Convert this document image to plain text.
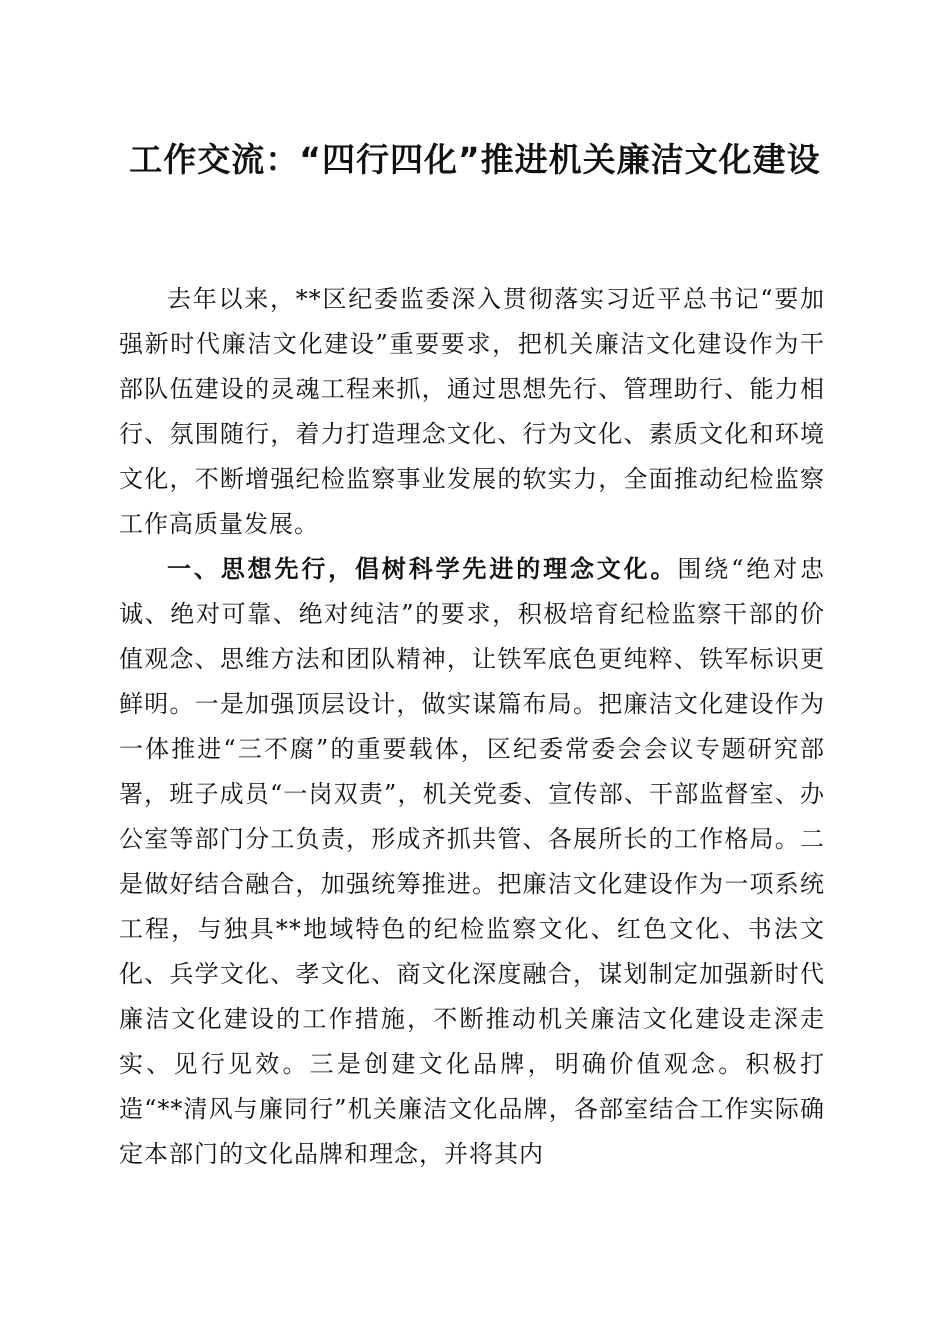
工作交流：“四行四化”推进机关廉洁文化建设

去年以来，**区纪委监委深入贯彻落实习近平总书记“要加强新时代廉洁文化建设”重要要求，把机关廉洁文化建设作为干部队伍建设的灵魂工程来抓，通过思想先行、管理助行、能力相行、氛围随行，着力打造理念文化、行为文化、素质文化和环境文化，不断增强纪检监察事业发展的软实力，全面推动纪检监察工作高质量发展。

一、思想先行，倡树科学先进的理念文化。围绕“绝对忠诚、绝对可靠、绝对纯洁”的要求，积极培育纪检监察干部的价值观念、思维方法和团队精神，让铁军底色更纯粹、铁军标识更鲜明。一是加强顶层设计，做实谋篇布局。把廉洁文化建设作为一体推进“三不腐”的重要载体，区纪委常委会会议专题研究部署，班子成员“一岗双责”，机关党委、宣传部、干部监督室、办公室等部门分工负责，形成齐抓共管、各展所长的工作格局。二是做好结合融合，加强统筹推进。把廉洁文化建设作为一项系统工程，与独具**地域特色的纪检监察文化、红色文化、书法文化、兵学文化、孝文化、商文化深度融合，谋划制定加强新时代廉洁文化建设的工作措施，不断推动机关廉洁文化建设走深走实、见行见效。三是创建文化品牌，明确价值观念。积极打造“**清风与廉同行”机关廉洁文化品牌，各部室结合工作实际确定本部门的文化品牌和理念，并将其内
